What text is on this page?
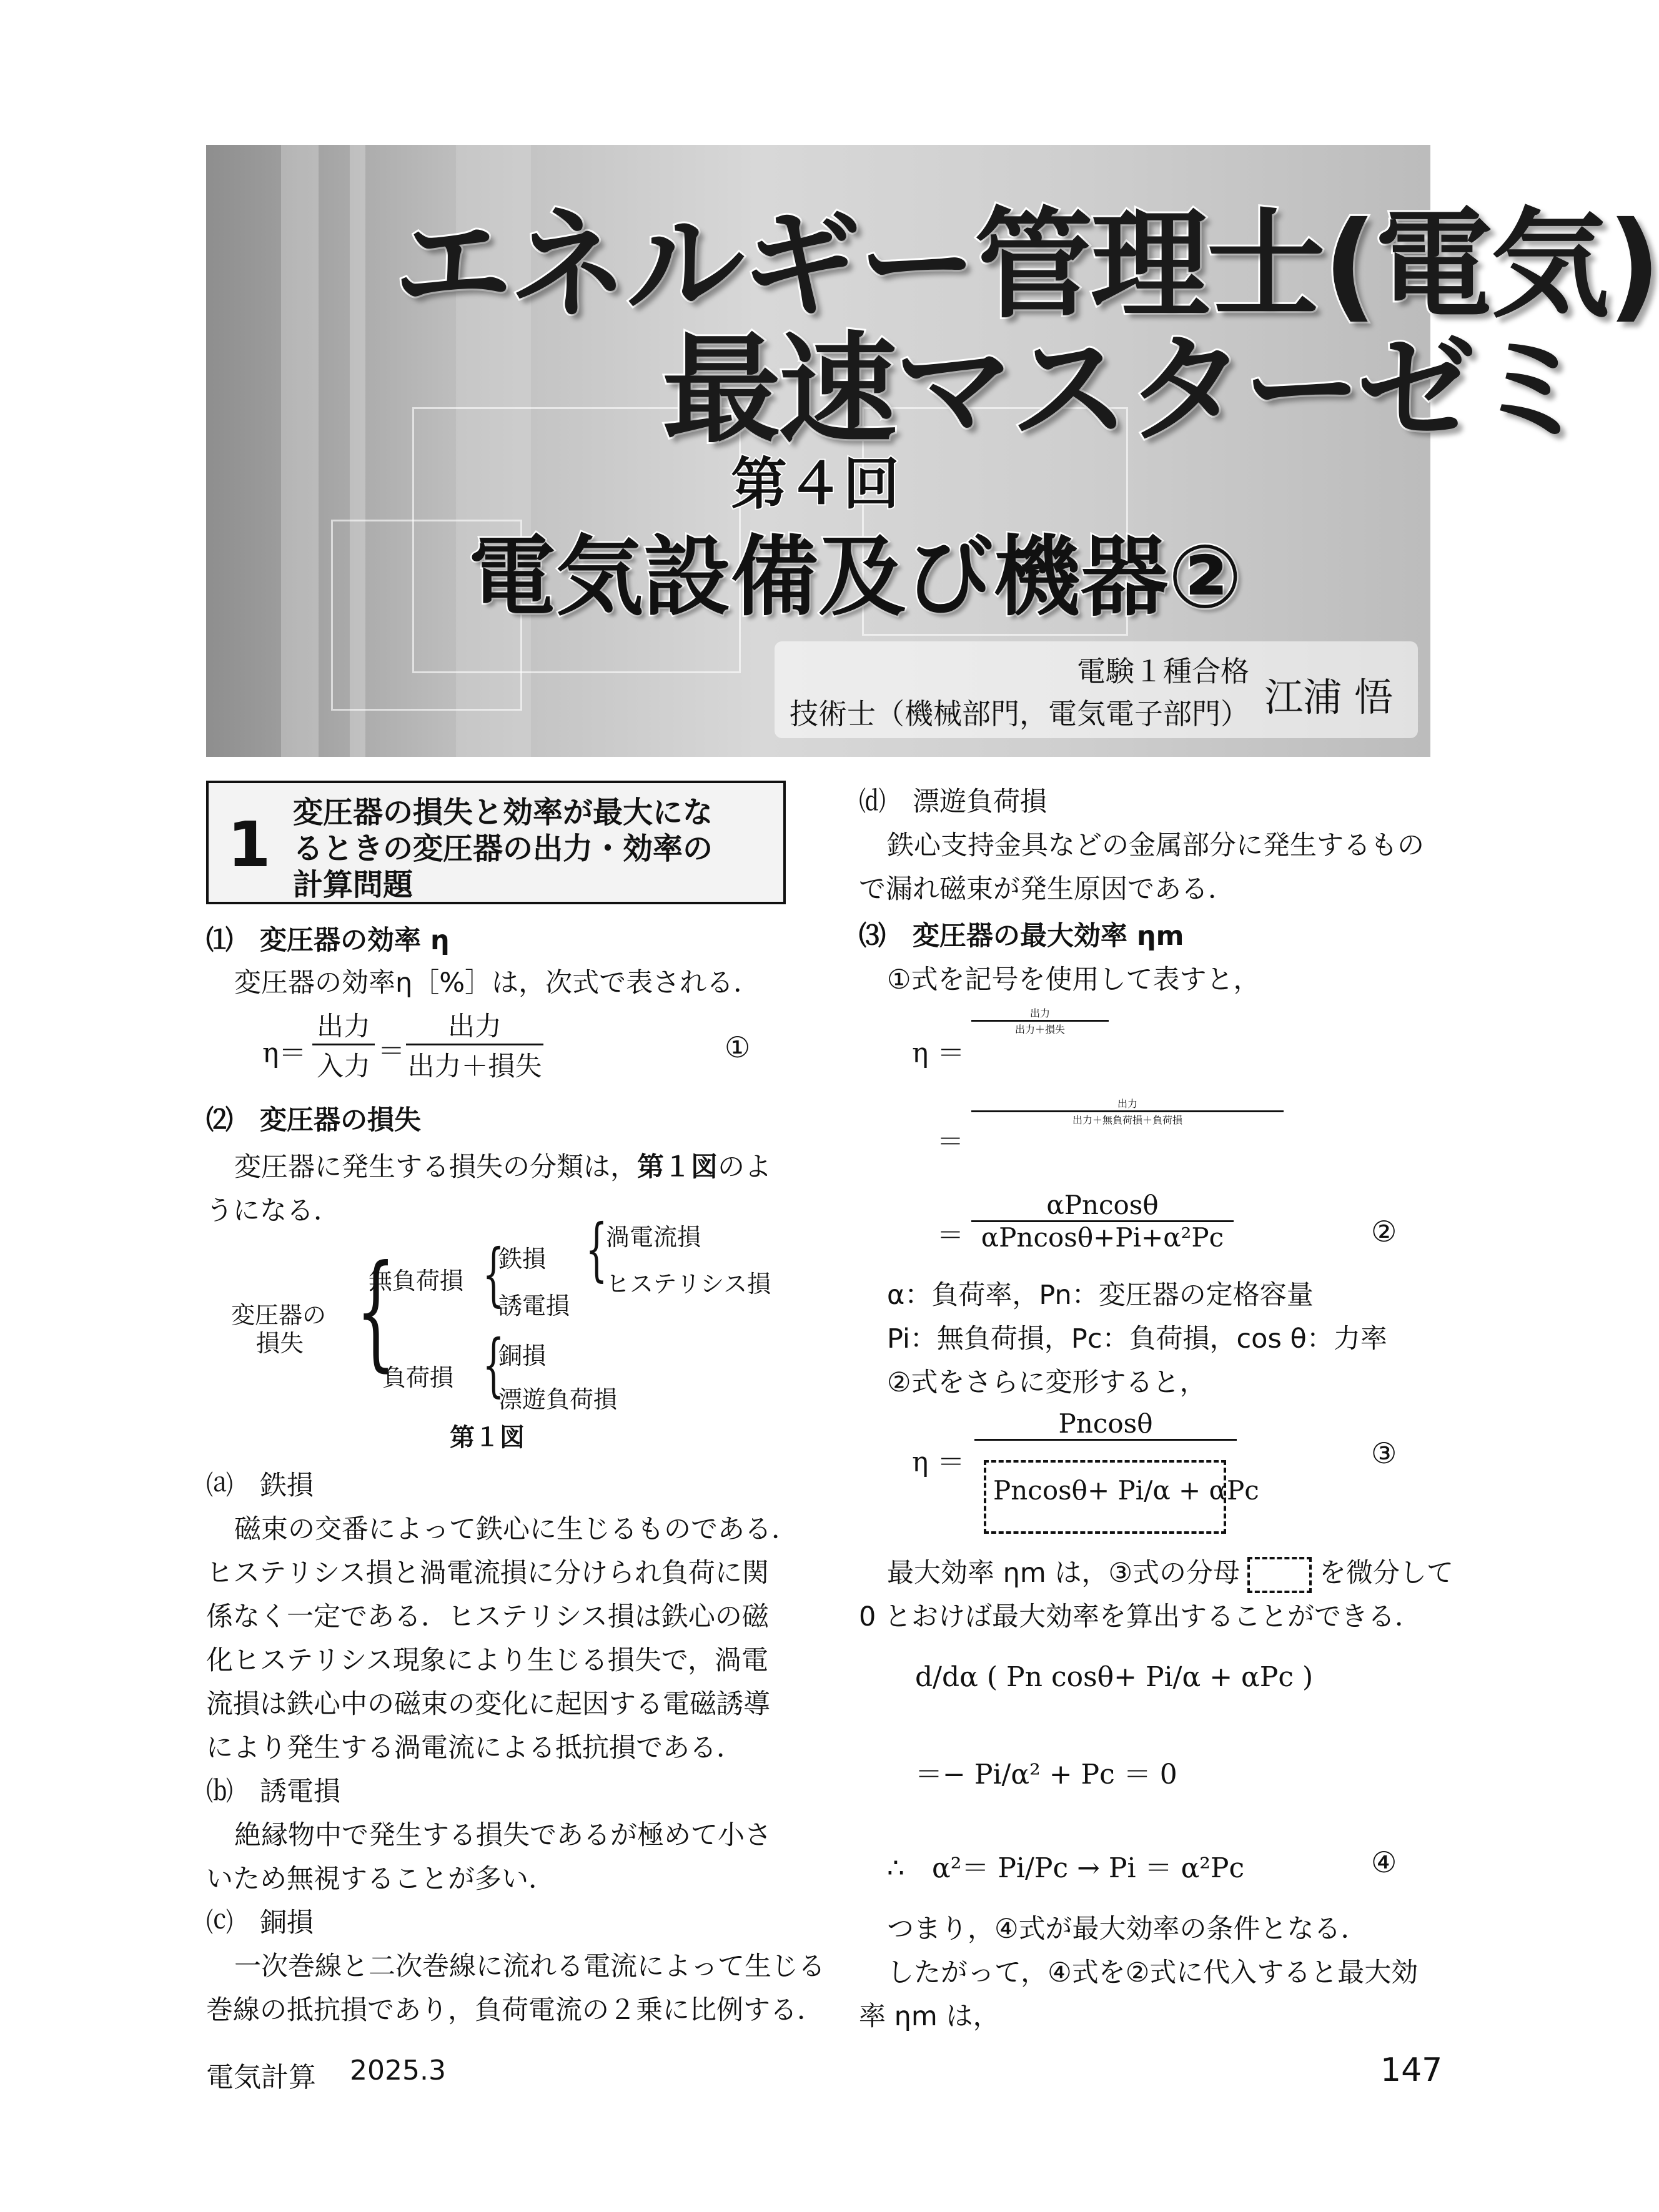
エネルギー管理士(電気)
最速マスターゼミ
第４回
電気設備及び機器②
電験１種合格
技術士（機械部門，電気電子部門） 江浦 悟
1 変圧器の損失と効率が最大にな
るときの変圧器の出力・効率の
計算問題
⑴　変圧器の効率 η
変圧器の効率η［%］は，次式で表される．
η＝
出力
入力 ＝
出力
出力＋損失
①
⑵　変圧器の損失
変圧器に発生する損失の分類は，第１図のよ
うになる．
変圧器の
損失 {
無負荷損 {
鉄損
誘電損
{
渦電流損
ヒステリシス損
負荷損 {
銅損
漂遊負荷損
第１図
⒜　鉄損
磁束の交番によって鉄心に生じるものである．
ヒステリシス損と渦電流損に分けられ負荷に関
係なく一定である．ヒステリシス損は鉄心の磁
化ヒステリシス現象により生じる損失で，渦電
流損は鉄心中の磁束の変化に起因する電磁誘導
により発生する渦電流による抵抗損である．
⒝　誘電損
絶縁物中で発生する損失であるが極めて小さ
いため無視することが多い．
⒞　銅損
一次巻線と二次巻線に流れる電流によって生じる
巻線の抵抗損であり，負荷電流の２乗に比例する．
⒟　漂遊負荷損
鉄心支持金具などの金属部分に発生するもの
で漏れ磁束が発生原因である．
⑶　変圧器の最大効率 ηm
①式を記号を使用して表すと，
η ＝
出力
出力＋損失
＝
出力
出力＋無負荷損＋負荷損
＝
αPncosθ
αPncosθ+Pi+α²Pc	②
α：負荷率，Pn：変圧器の定格容量
Pi：無負荷損，Pc：負荷損，cos θ：力率
②式をさらに変形すると，
η ＝
Pncosθ
Pncosθ+ Pi/α + αPc
③
最大効率 ηm は，③式の分母	を微分して
0 とおけば最大効率を算出することができる．
d/dα ( Pn cosθ+ Pi/α + αPc )
＝− Pi/α² + Pc ＝ 0
∴　α²＝ Pi/Pc → Pi ＝ α²Pc	④
つまり，④式が最大効率の条件となる．
したがって，④式を②式に代入すると最大効
率 ηm は，
電気計算 2025.3	147
